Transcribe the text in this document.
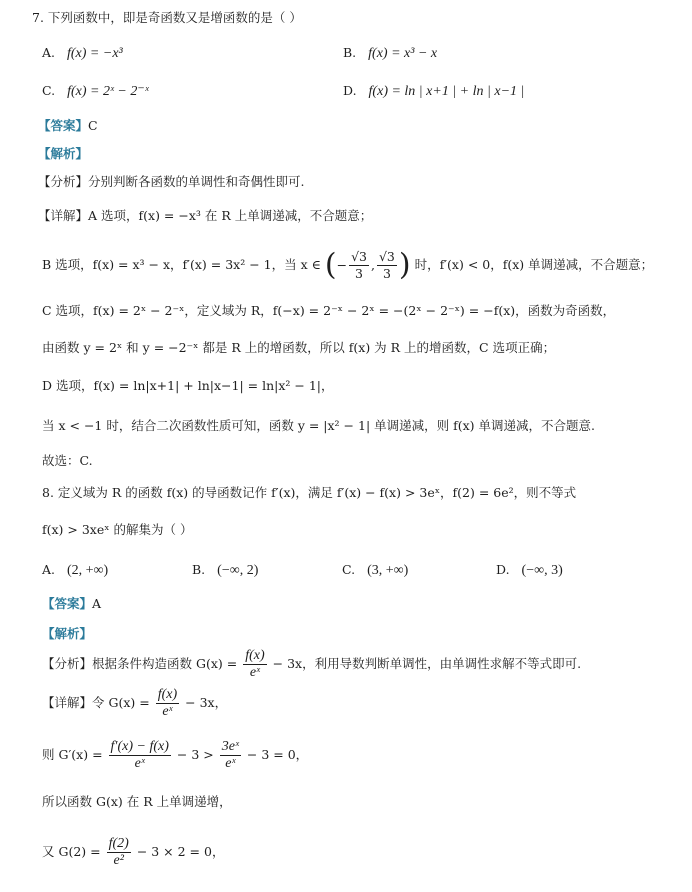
7. 下列函数中，即是奇函数又是增函数的是（ ）
A. f(x) = −x³	B. f(x) = x³ − x
C. f(x) = 2ˣ − 2⁻ˣ	D. f(x) = ln | x+1 | + ln | x−1 |
【答案】C
【解析】
【分析】分别判断各函数的单调性和奇偶性即可.
【详解】A 选项，f(x) = −x³ 在 R 上单调递减，不合题意；
B 选项，f(x) = x³ − x，f′(x) = 3x² − 1，当 x ∈ (− $\frac{√3}{3}$ , $\frac{√3}{3}$ ) 时，f′(x) < 0，f(x) 单调递减，不合题意；
C 选项，f(x) = 2ˣ − 2⁻ˣ，定义域为 R，f(−x) = 2⁻ˣ − 2ˣ = −(2ˣ − 2⁻ˣ) = −f(x)，函数为奇函数，
由函数 y = 2ˣ 和 y = −2⁻ˣ 都是 R 上的增函数，所以 f(x) 为 R 上的增函数，C 选项正确；
D 选项，f(x) = ln|x+1| + ln|x−1| = ln|x² − 1|，
当 x < −1 时，结合二次函数性质可知，函数 y = |x² − 1| 单调递减，则 f(x) 单调递减，不合题意.
故选：C.
8. 定义域为 R 的函数 f(x) 的导函数记作 f′(x)，满足 f′(x) − f(x) > 3eˣ，f(2) = 6e²，则不等式
f(x) > 3xeˣ 的解集为（ ）
A. (2, +∞)	B. (−∞, 2)	C. (3, +∞)	D. (−∞, 3)
【答案】A
【解析】
【分析】根据条件构造函数 $G(x) = \frac{f(x)}{\text{eˣ}} - 3x$，利用导数判断单调性，由单调性求解不等式即可.
【详解】令 $G(x) = \frac{f(x)}{\text{eˣ}} - 3x$，
则 $G'(x) = \frac{f'(x) - f(x)}{\text{eˣ}} - 3 > \frac{\text{3eˣ}}{\text{eˣ}} - 3 = 0$，
所以函数 G(x) 在 R 上单调递增，
又 $G(2) = \frac{f(2)}{\text{e²}} - 3 \times 2 = 0$，
